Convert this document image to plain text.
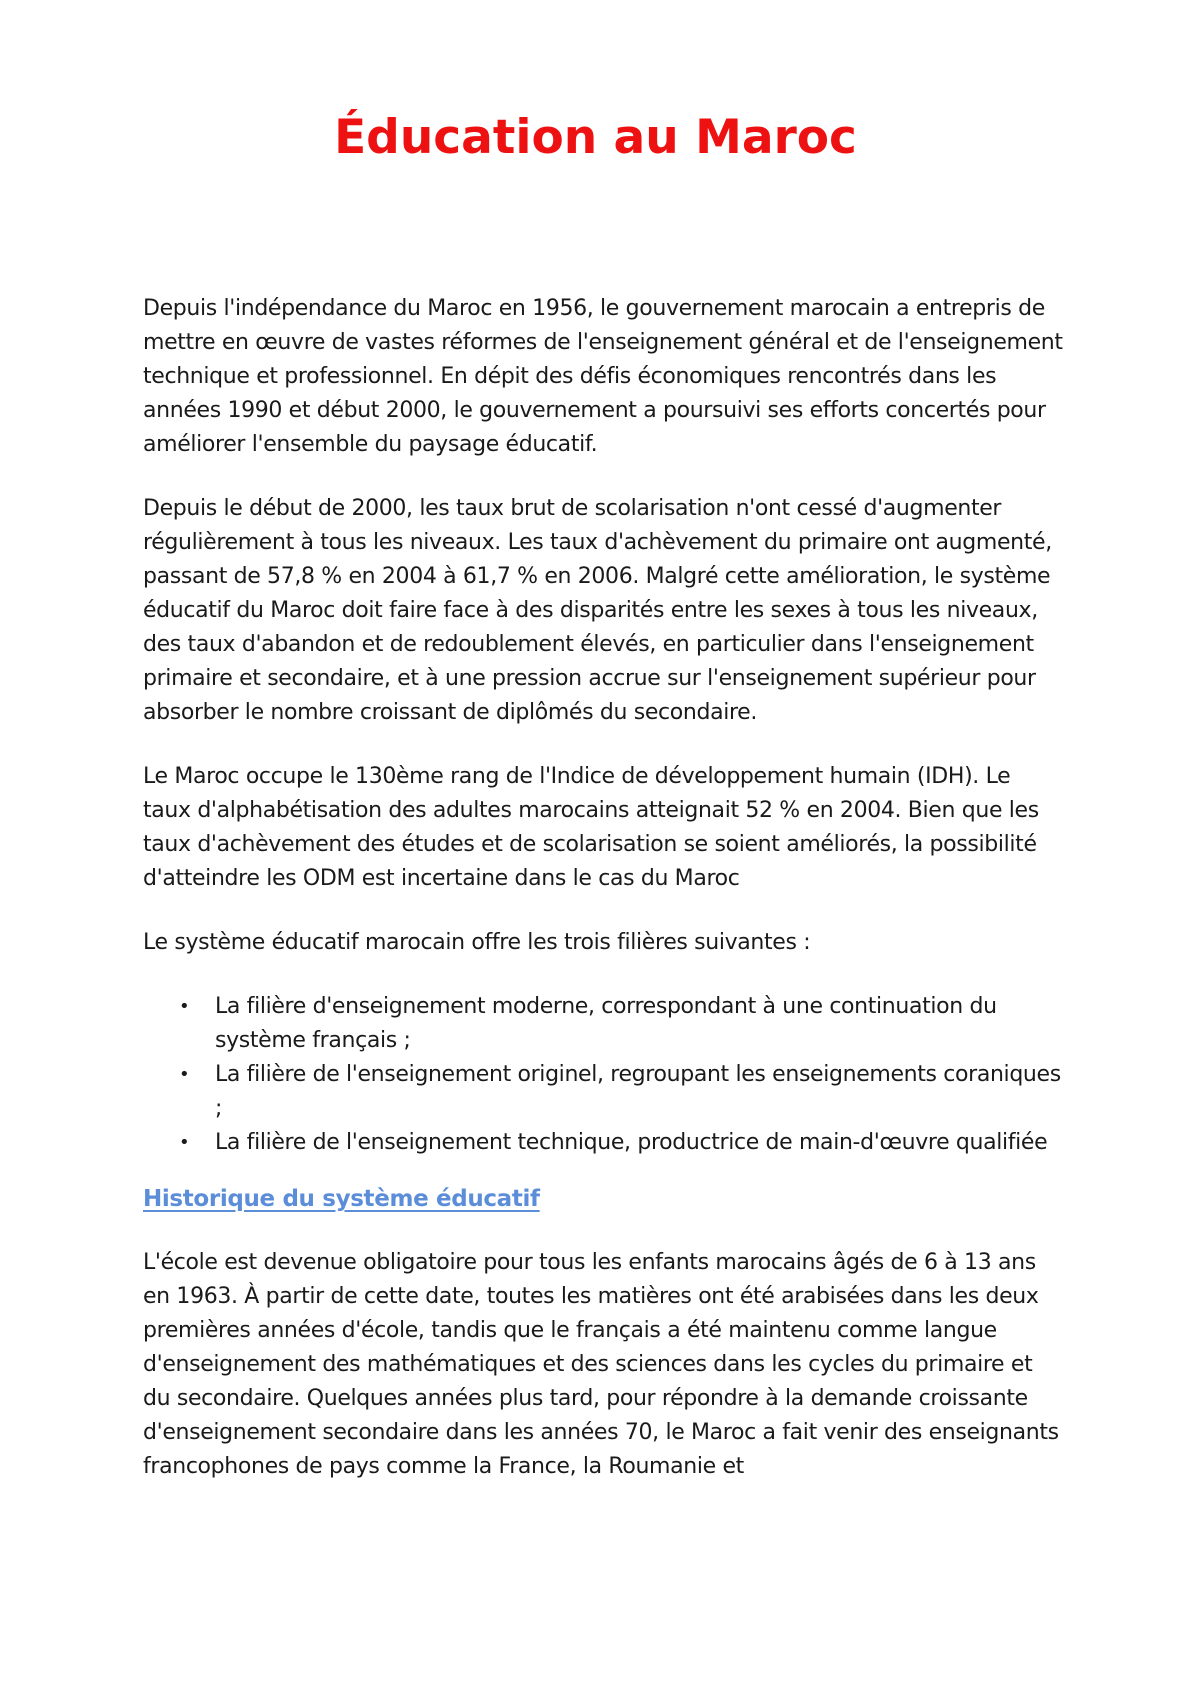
Éducation au Maroc

Depuis l'indépendance du Maroc en 1956, le gouvernement marocain a entrepris de mettre en œuvre de vastes réformes de l'enseignement général et de l'enseignement technique et professionnel. En dépit des défis économiques rencontrés dans les années 1990 et début 2000, le gouvernement a poursuivi ses efforts concertés pour améliorer l'ensemble du paysage éducatif.

Depuis le début de 2000, les taux brut de scolarisation n'ont cessé d'augmenter régulièrement à tous les niveaux. Les taux d'achèvement du primaire ont augmenté, passant de 57,8 % en 2004 à 61,7 % en 2006. Malgré cette amélioration, le système éducatif du Maroc doit faire face à des disparités entre les sexes à tous les niveaux, des taux d'abandon et de redoublement élevés, en particulier dans l'enseignement primaire et secondaire, et à une pression accrue sur l'enseignement supérieur pour absorber le nombre croissant de diplômés du secondaire.

Le Maroc occupe le 130ème rang de l'Indice de développement humain (IDH). Le taux d'alphabétisation des adultes marocains atteignait 52 % en 2004. Bien que les taux d'achèvement des études et de scolarisation se soient améliorés, la possibilité d'atteindre les ODM est incertaine dans le cas du Maroc

Le système éducatif marocain offre les trois filières suivantes :

• La filière d'enseignement moderne, correspondant à une continuation du système français ;
• La filière de l'enseignement originel, regroupant les enseignements coraniques ;
• La filière de l'enseignement technique, productrice de main-d'œuvre qualifiée
Historique du système éducatif

L'école est devenue obligatoire pour tous les enfants marocains âgés de 6 à 13 ans en 1963. À partir de cette date, toutes les matières ont été arabisées dans les deux premières années d'école, tandis que le français a été maintenu comme langue d'enseignement des mathématiques et des sciences dans les cycles du primaire et du secondaire. Quelques années plus tard, pour répondre à la demande croissante d'enseignement secondaire dans les années 70, le Maroc a fait venir des enseignants francophones de pays comme la France, la Roumanie et
